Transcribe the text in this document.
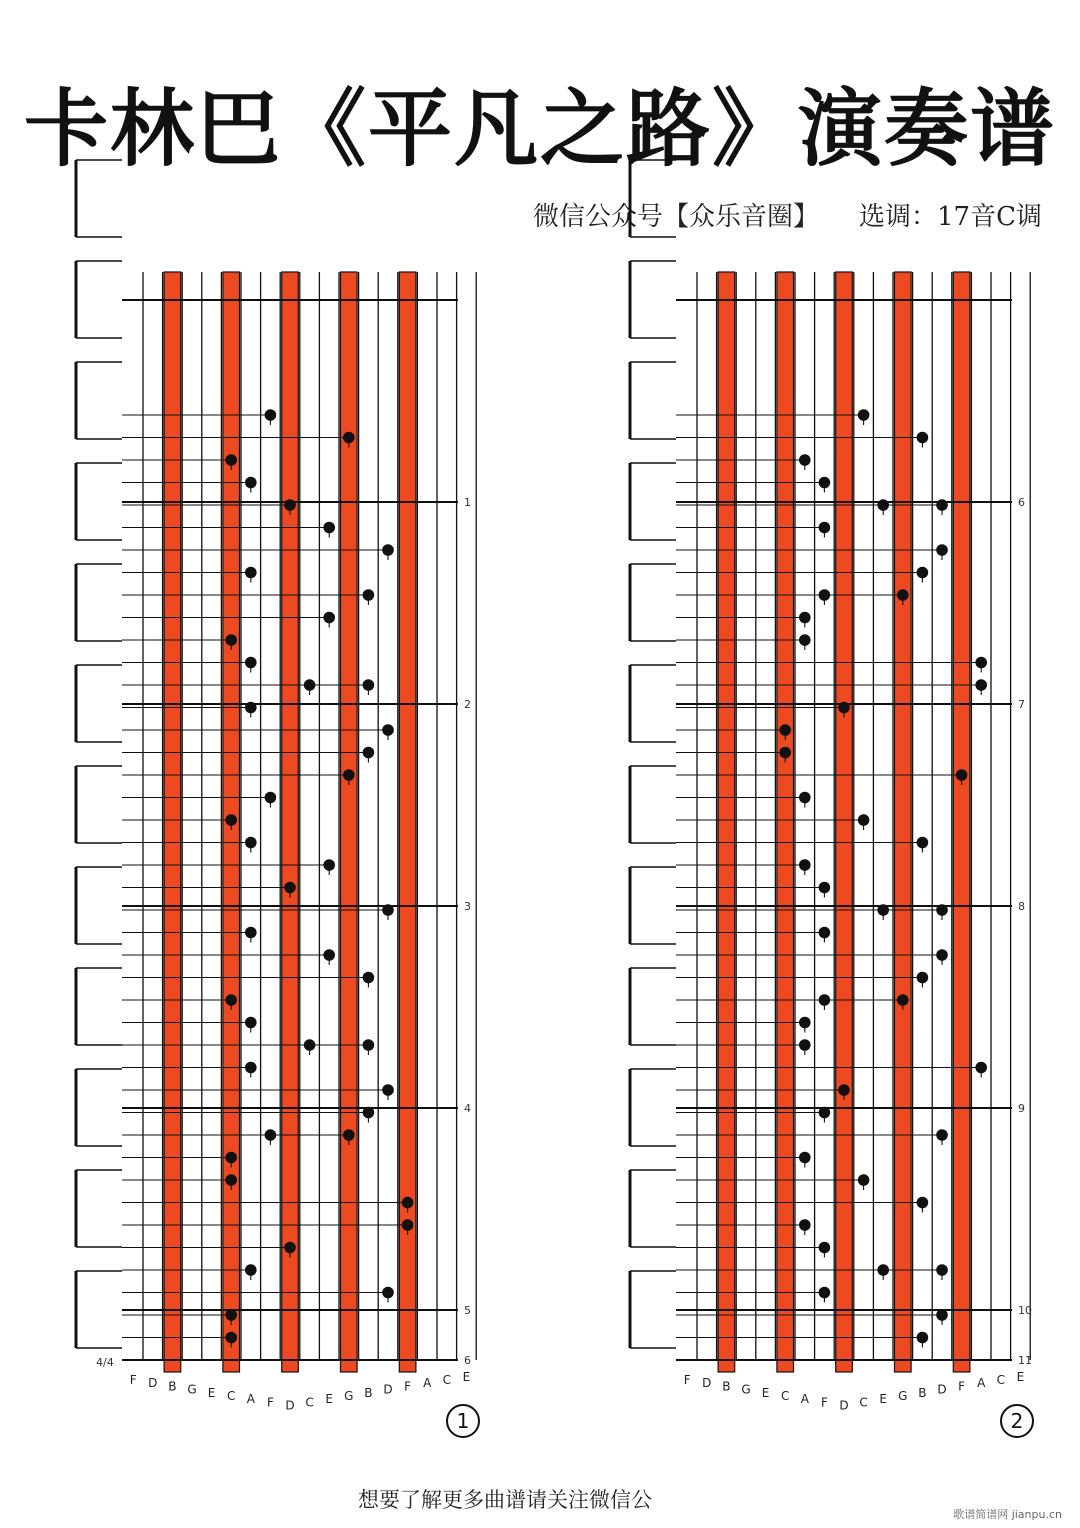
卡林巴《平凡之路》演奏谱
微信公众号【众乐音圈】 选调：17音C调
6
5
4
3
2
1
4/4
F D B G E C A F D C E G B D F A C E
1
11
10
9
8
7
6
F D B G E C A F D C E G B D F A C E
2
想要了解更多曲谱请关注微信公
歌谱简谱网 jianpu.cn
